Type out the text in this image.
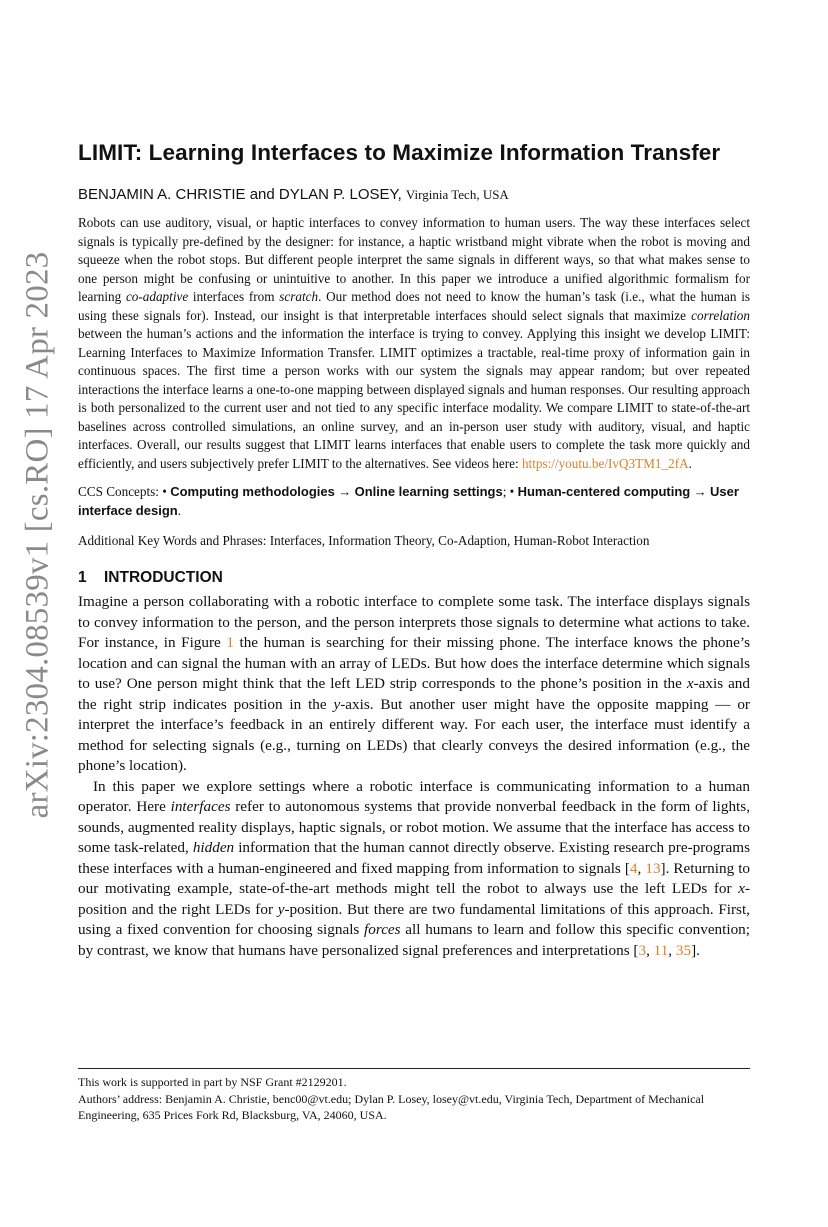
arXiv:2304.08539v1 [cs.RO] 17 Apr 2023
LIMIT: Learning Interfaces to Maximize Information Transfer
BENJAMIN A. CHRISTIE and DYLAN P. LOSEY, Virginia Tech, USA

Robots can use auditory, visual, or haptic interfaces to convey information to human users. The way these interfaces select signals is typically pre-defined by the designer: for instance, a haptic wristband might vibrate when the robot is moving and squeeze when the robot stops. But different people interpret the same signals in different ways, so that what makes sense to one person might be confusing or unintuitive to another. In this paper we introduce a unified algorithmic formalism for learning co-adaptive interfaces from scratch. Our method does not need to know the human’s task (i.e., what the human is using these signals for). Instead, our insight is that interpretable interfaces should select signals that maximize correlation between the human’s actions and the information the interface is trying to convey. Applying this insight we develop LIMIT: Learning Interfaces to Maximize Information Transfer. LIMIT optimizes a tractable, real-time proxy of information gain in continuous spaces. The first time a person works with our system the signals may appear random; but over repeated interactions the interface learns a one-to-one mapping between displayed signals and human responses. Our resulting approach is both personalized to the current user and not tied to any specific interface modality. We compare LIMIT to state-of-the-art baselines across controlled simulations, an online survey, and an in-person user study with auditory, visual, and haptic interfaces. Overall, our results suggest that LIMIT learns interfaces that enable users to complete the task more quickly and efficiently, and users subjectively prefer LIMIT to the alternatives. See videos here: https://youtu.be/IvQ3TM1_2fA.

CCS Concepts: • Computing methodologies → Online learning settings; • Human-centered computing → User interface design.

Additional Key Words and Phrases: Interfaces, Information Theory, Co-Adaption, Human-Robot Interaction

1 INTRODUCTION

Imagine a person collaborating with a robotic interface to complete some task. The interface displays signals to convey information to the person, and the person interprets those signals to determine what actions to take. For instance, in Figure 1 the human is searching for their missing phone. The interface knows the phone’s location and can signal the human with an array of LEDs. But how does the interface determine which signals to use? One person might think that the left LED strip corresponds to the phone’s position in the x-axis and the right strip indicates position in the y-axis. But another user might have the opposite mapping — or interpret the interface’s feedback in an entirely different way. For each user, the interface must identify a method for selecting signals (e.g., turning on LEDs) that clearly conveys the desired information (e.g., the phone’s location).

In this paper we explore settings where a robotic interface is communicating information to a human operator. Here interfaces refer to autonomous systems that provide nonverbal feedback in the form of lights, sounds, augmented reality displays, haptic signals, or robot motion. We assume that the interface has access to some task-related, hidden information that the human cannot directly observe. Existing research pre-programs these interfaces with a human-engineered and fixed mapping from information to signals [4, 13]. Returning to our motivating example, state-of-the-art methods might tell the robot to always use the left LEDs for x-position and the right LEDs for y-position. But there are two fundamental limitations of this approach. First, using a fixed convention for choosing signals forces all humans to learn and follow this specific convention; by contrast, we know that humans have personalized signal preferences and interpretations [3, 11, 35].

This work is supported in part by NSF Grant #2129201.

Authors’ address: Benjamin A. Christie, benc00@vt.edu; Dylan P. Losey, losey@vt.edu, Virginia Tech, Department of Mechanical Engineering, 635 Prices Fork Rd, Blacksburg, VA, 24060, USA.
